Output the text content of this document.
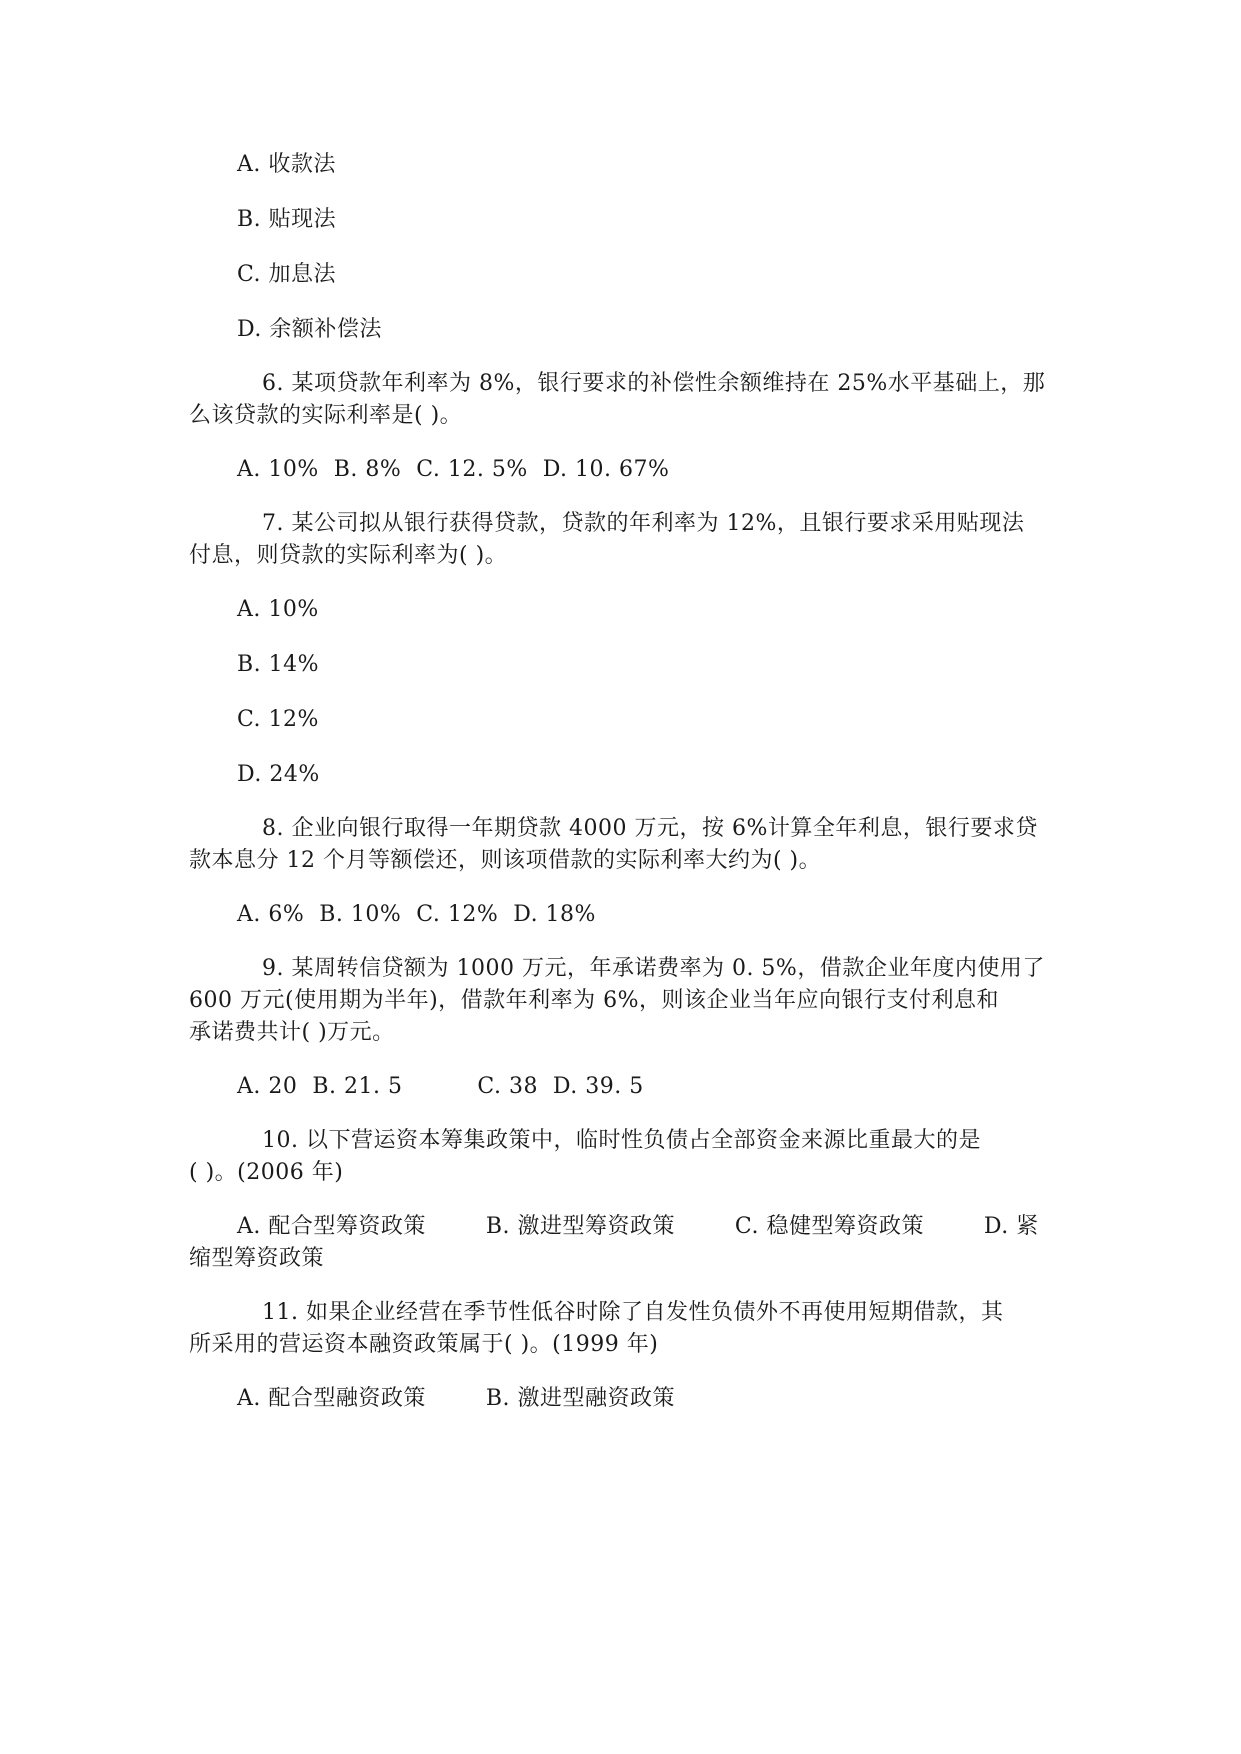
A. 收款法
B. 贴现法
C. 加息法
D. 余额补偿法
6. 某项贷款年利率为 8%，银行要求的补偿性余额维持在 25%水平基础上，那
么该贷款的实际利率是( )。
A. 10%  B. 8%  C. 12. 5%  D. 10. 67%
7. 某公司拟从银行获得贷款，贷款的年利率为 12%，且银行要求采用贴现法
付息，则贷款的实际利率为( )。
A. 10%
B. 14%
C. 12%
D. 24%
8. 企业向银行取得一年期贷款 4000 万元，按 6%计算全年利息，银行要求贷
款本息分 12 个月等额偿还，则该项借款的实际利率大约为( )。
A. 6%  B. 10%  C. 12%  D. 18%
9. 某周转信贷额为 1000 万元，年承诺费率为 0. 5%，借款企业年度内使用了
600 万元(使用期为半年)，借款年利率为 6%，则该企业当年应向银行支付利息和
承诺费共计( )万元。
A. 20  B. 21. 5          C. 38  D. 39. 5
10. 以下营运资本筹集政策中，临时性负债占全部资金来源比重最大的是
( )。(2006 年)
A. 配合型筹资政策        B. 激进型筹资政策        C. 稳健型筹资政策        D. 紧
缩型筹资政策
11. 如果企业经营在季节性低谷时除了自发性负债外不再使用短期借款，其
所采用的营运资本融资政策属于( )。(1999 年)
A. 配合型融资政策        B. 激进型融资政策
